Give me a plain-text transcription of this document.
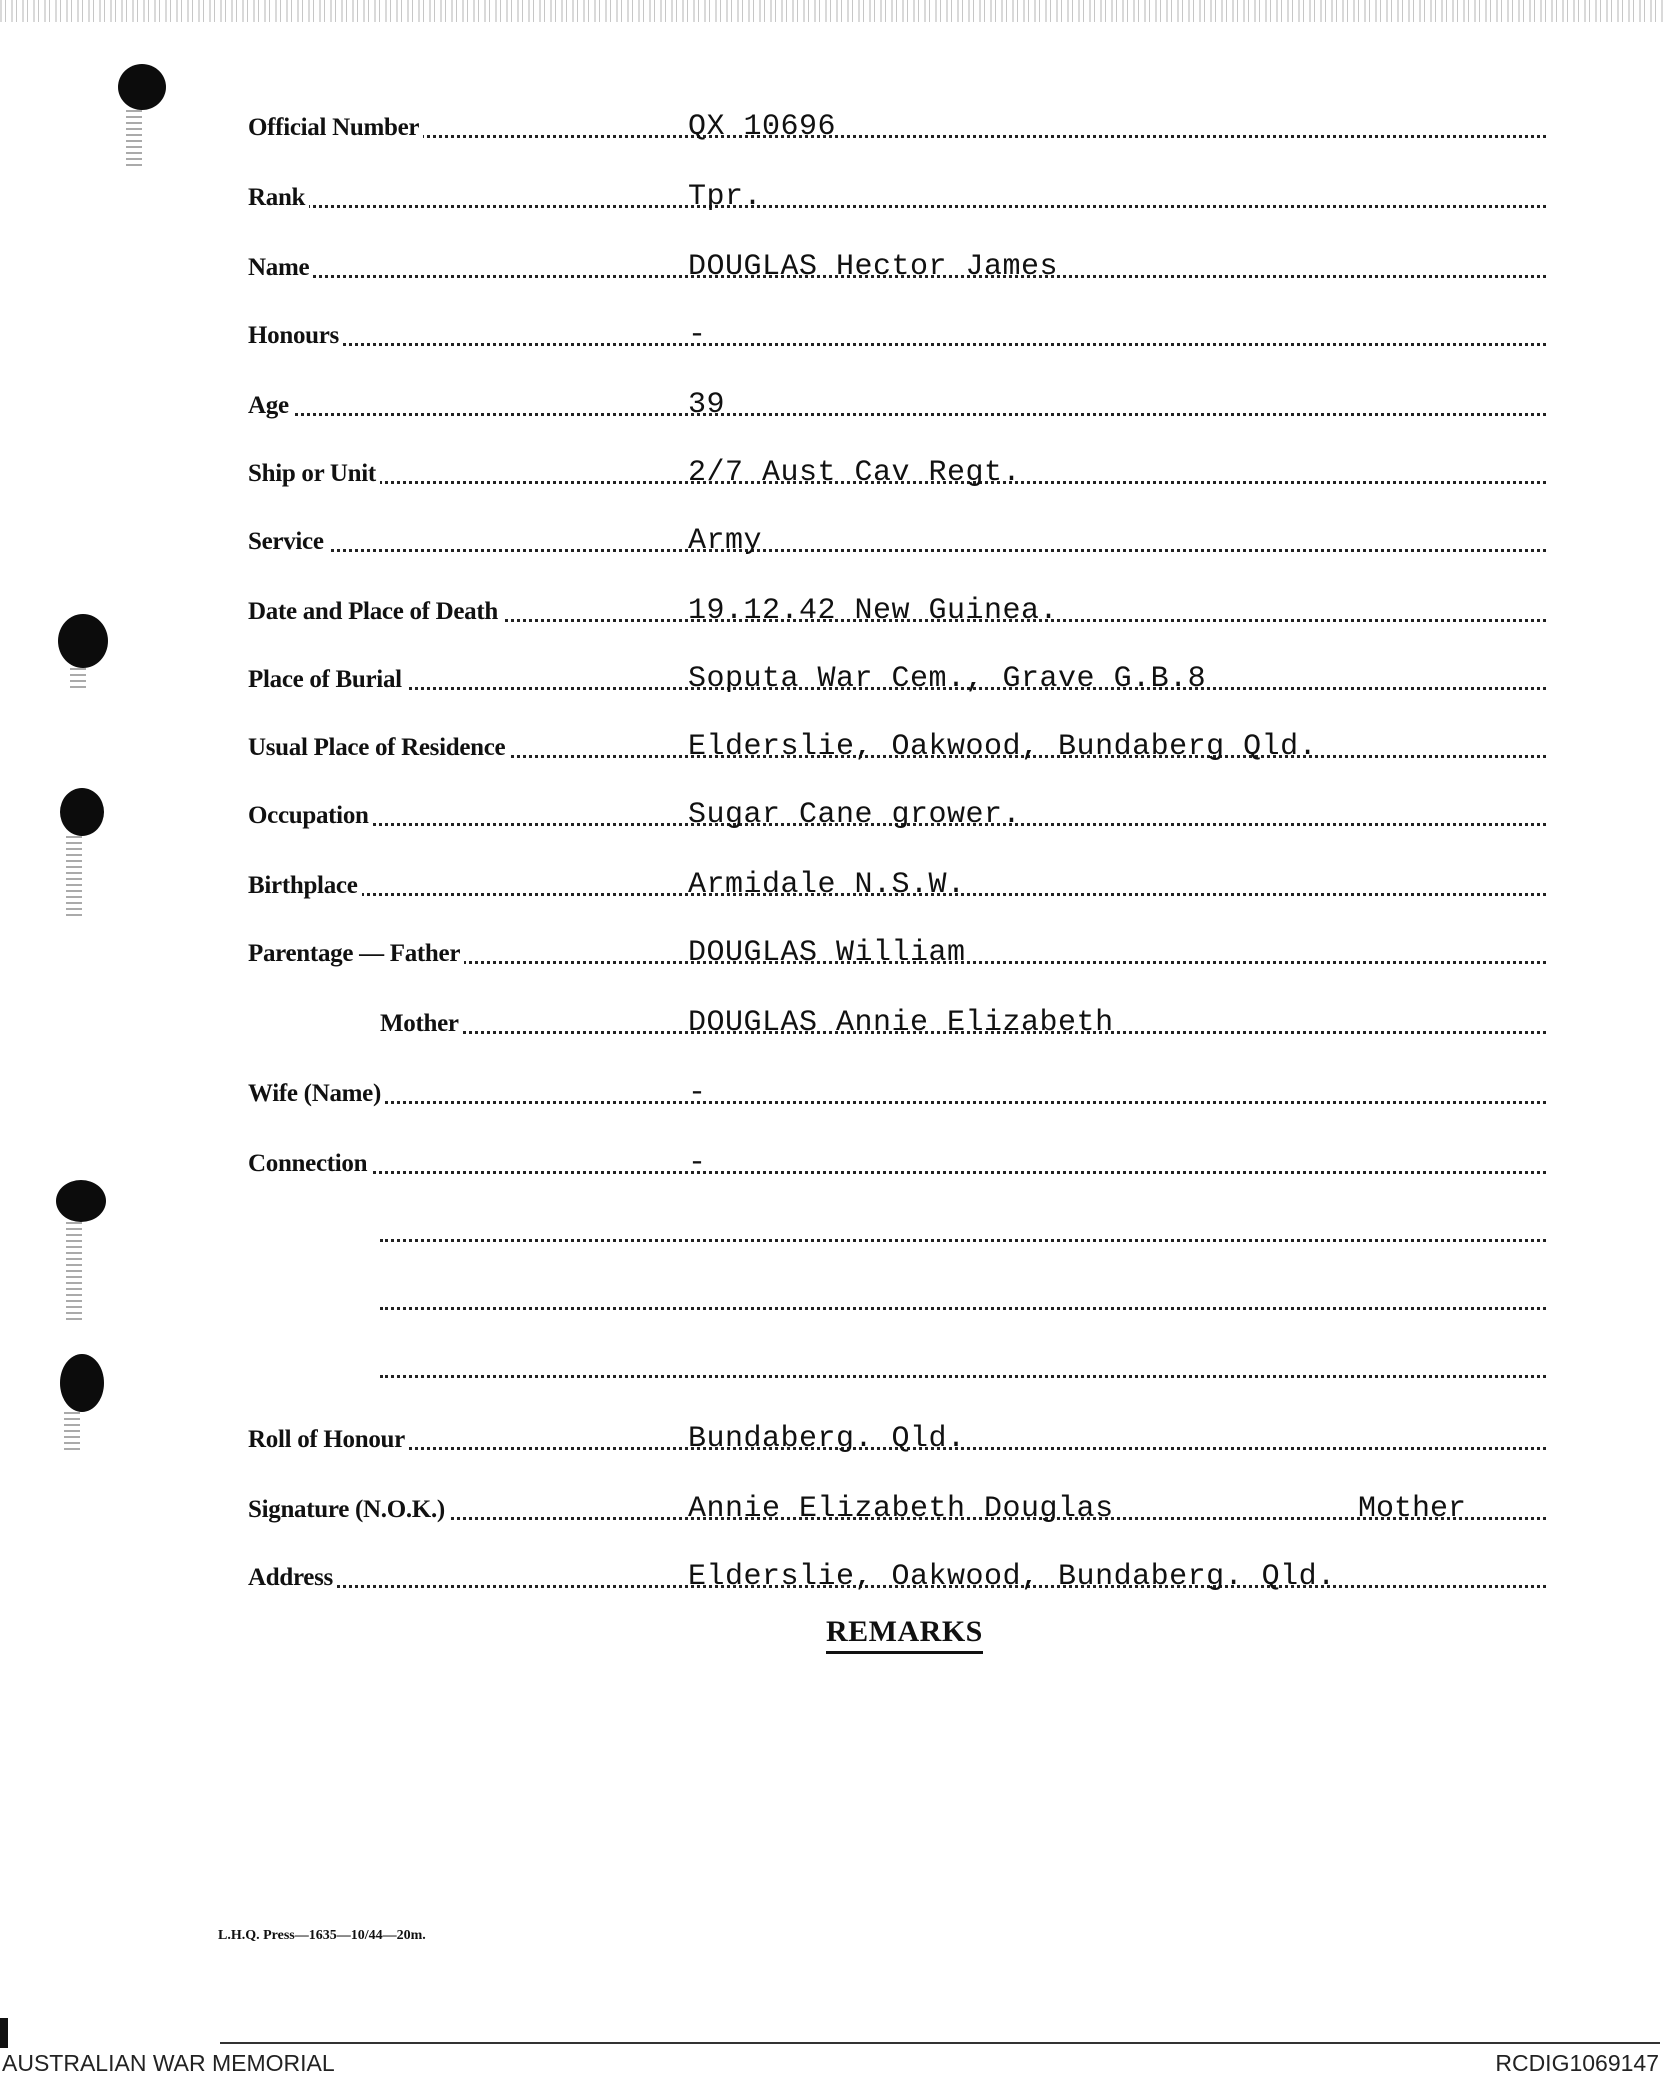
Official Number	QX 10696
Rank	Tpr.
Name	DOUGLAS Hector James
Honours	-
Age	39
Ship or Unit	2/7 Aust Cav Regt.
Service	Army
Date and Place of Death	19.12.42 New Guinea.
Place of Burial	Soputa War Cem., Grave G.B.8
Usual Place of Residence	Elderslie, Oakwood, Bundaberg Qld.
Occupation	Sugar Cane grower.
Birthplace	Armidale N.S.W.
Parentage — Father	DOUGLAS William
Mother	DOUGLAS Annie Elizabeth
Wife (Name)	-
Connection	-
Roll of Honour	Bundaberg. Qld.
Signature (N.O.K.)	Annie Elizabeth Douglas	Mother
Address	Elderslie, Oakwood, Bundaberg. Qld.
REMARKS
L.H.Q. Press—1635—10/44—20m.
AUSTRALIAN WAR MEMORIAL	RCDIG1069147
